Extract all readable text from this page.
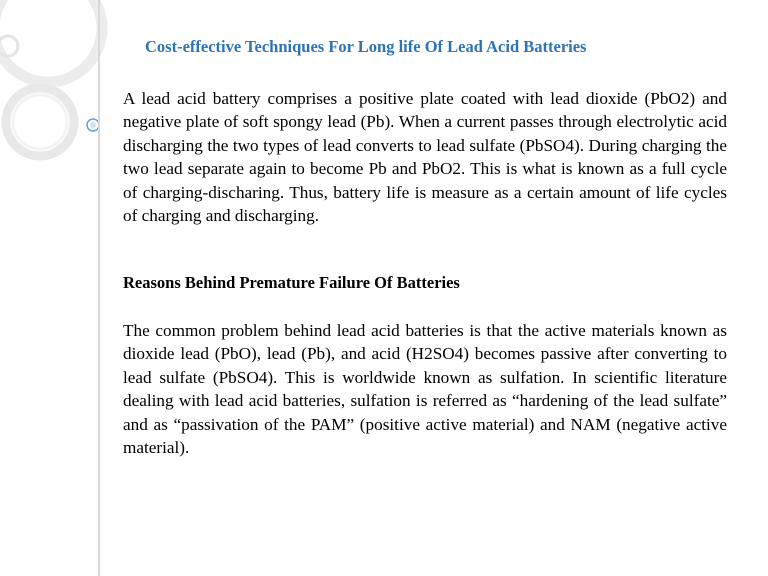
Cost-effective Techniques For Long life Of Lead Acid Batteries

A lead acid battery comprises a positive plate coated with lead dioxide (PbO2) and negative plate of soft spongy lead (Pb). When a current passes through electrolytic acid discharging the two types of lead converts to lead sulfate (PbSO4). During charging the two lead separate again to become Pb and PbO2. This is what is known as a full cycle of charging-discharing. Thus, battery life is measure as a certain amount of life cycles of charging and discharging.

Reasons Behind Premature Failure Of Batteries

The common problem behind lead acid batteries is that the active materials known as dioxide lead (PbO), lead (Pb), and acid (H2SO4) becomes passive after converting to lead sulfate (PbSO4). This is worldwide known as sulfation. In scientific literature dealing with lead acid batteries, sulfation is referred as “hardening of the lead sulfate” and as “passivation of the PAM” (positive active material) and NAM (negative active material).
